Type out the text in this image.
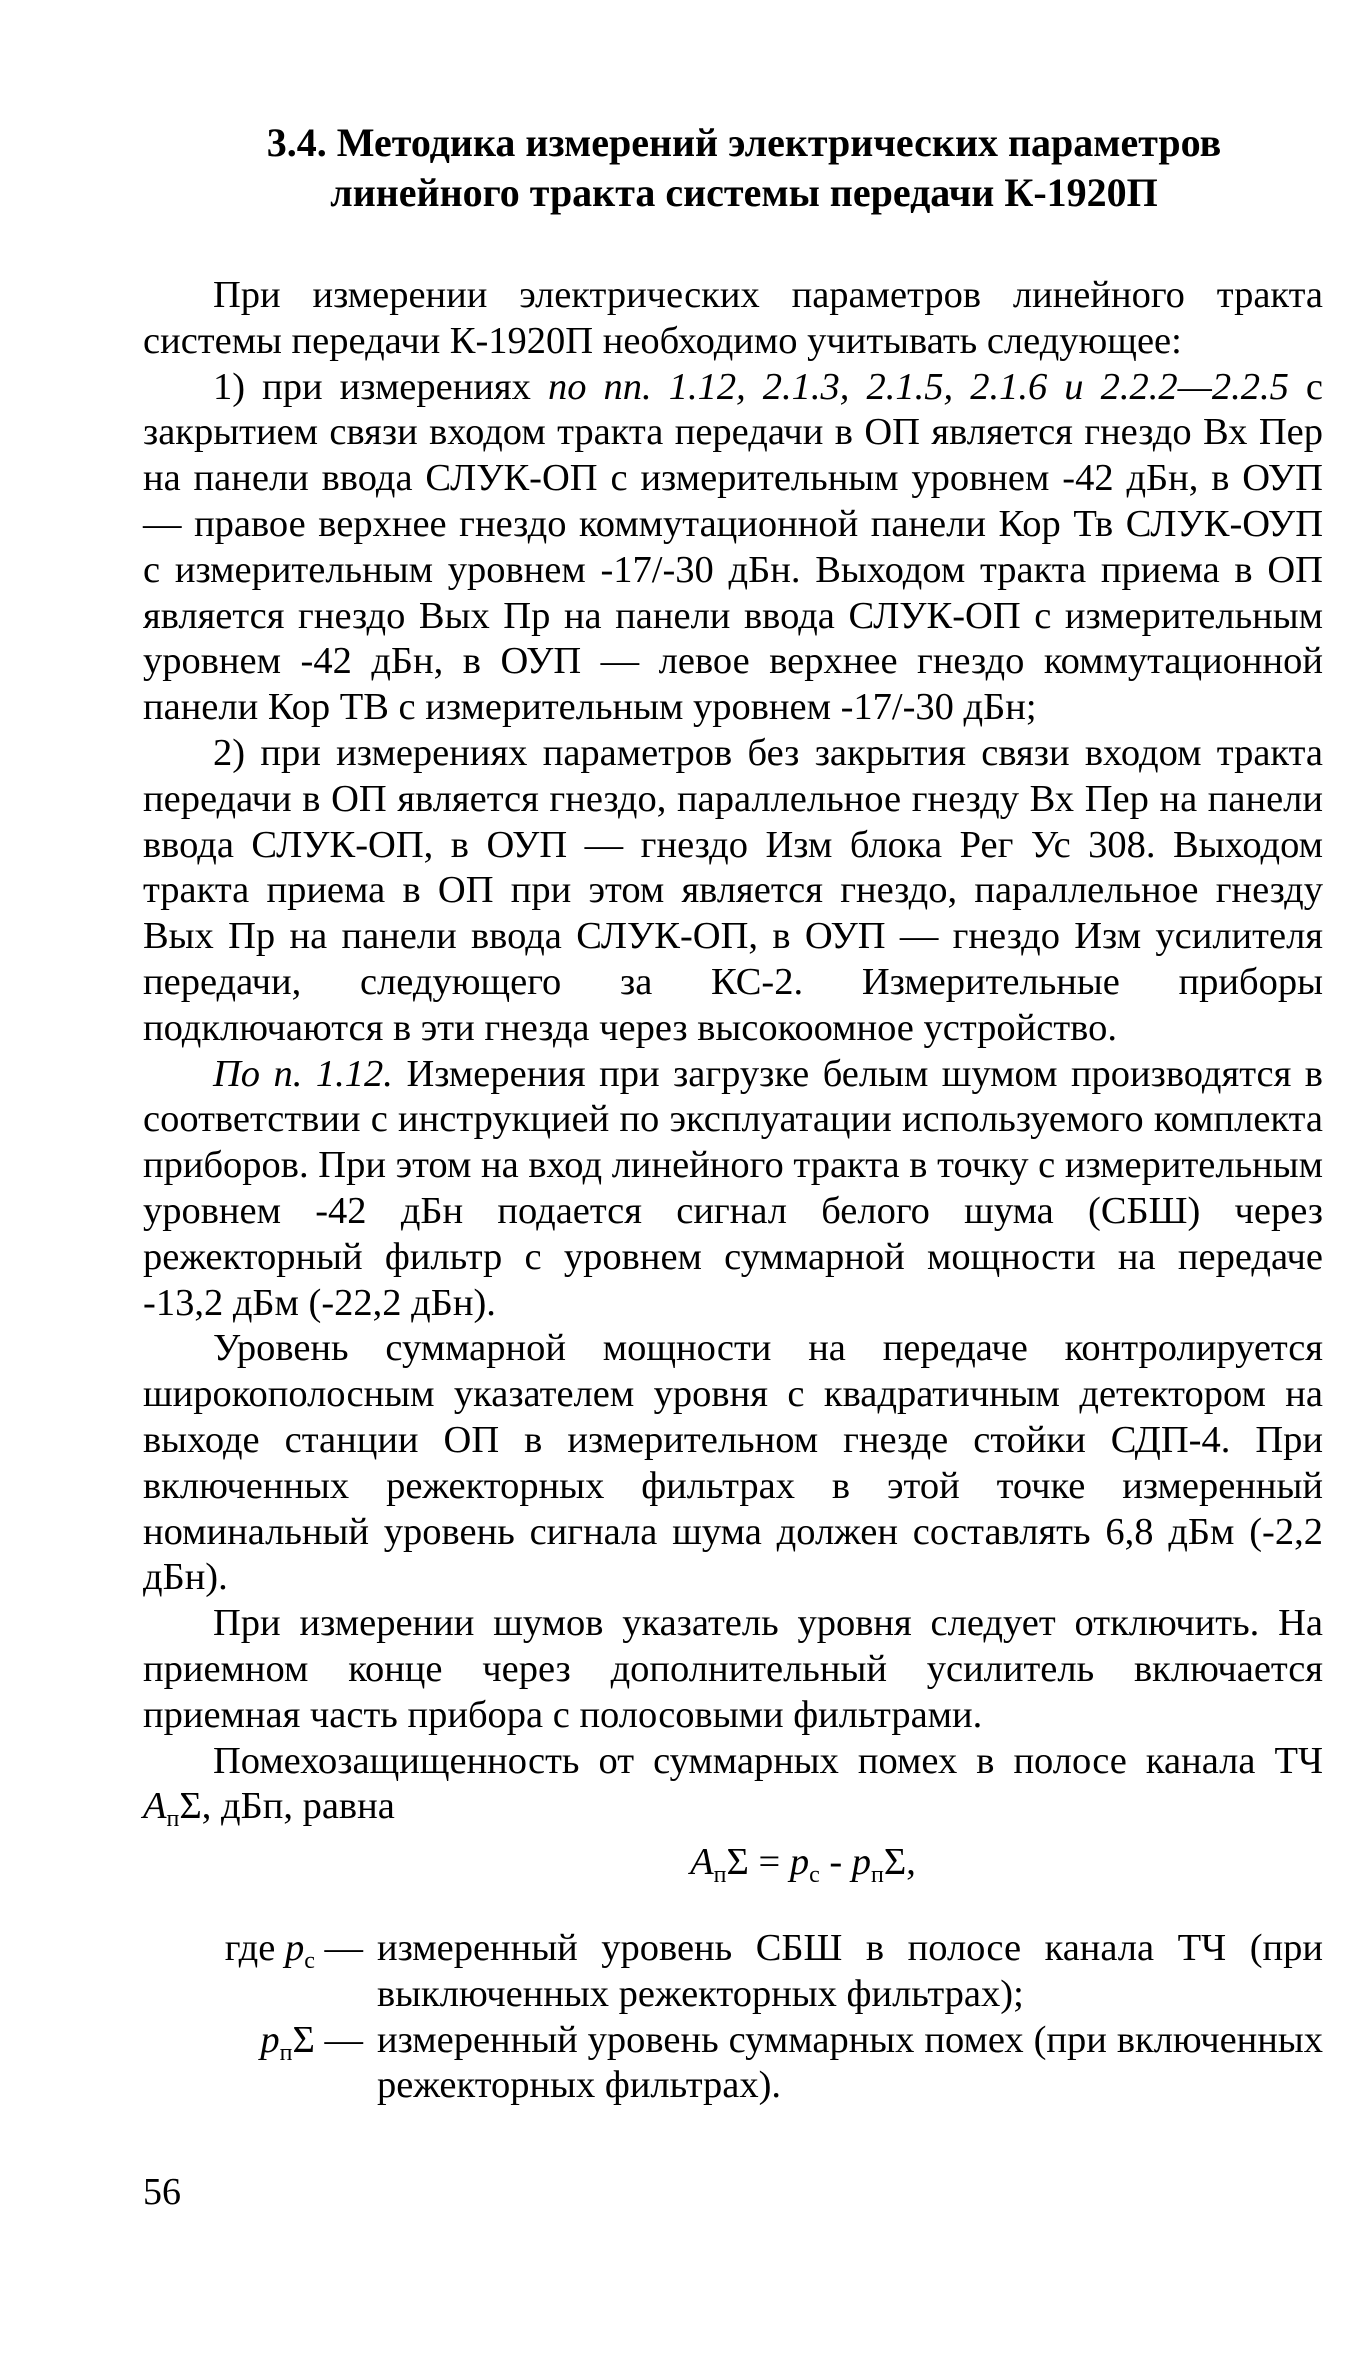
3.4. Методика измерений электрических параметров
линейного тракта системы передачи К-1920П

При измерении электрических параметров линейного тракта системы передачи К-1920П необходимо учитывать следующее:

1) при измерениях по пп. 1.12, 2.1.3, 2.1.5, 2.1.6 и 2.2.2—2.2.5 с закрытием связи входом тракта передачи в ОП является гнездо Вх Пер на панели ввода СЛУК-ОП с измерительным уровнем -42 дБн, в ОУП — правое верхнее гнездо коммутационной панели Кор Тв СЛУК-ОУП с измерительным уровнем -17/-30 дБн. Выходом тракта приема в ОП является гнездо Вых Пр на панели ввода СЛУК-ОП с измерительным уровнем -42 дБн, в ОУП — левое верхнее гнездо коммутационной панели Кор ТВ с измерительным уровнем -17/-30 дБн;

2) при измерениях параметров без закрытия связи входом тракта передачи в ОП является гнездо, параллельное гнезду Вх Пер на панели ввода СЛУК-ОП, в ОУП — гнездо Изм блока Рег Ус 308. Выходом тракта приема в ОП при этом является гнездо, параллельное гнезду Вых Пр на панели ввода СЛУК-ОП, в ОУП — гнездо Изм усилителя передачи, следующего за КС-2. Измерительные приборы подключаются в эти гнезда через высокоомное устройство.

По п. 1.12. Измерения при загрузке белым шумом производятся в соответствии с инструкцией по эксплуатации используемого комплекта приборов. При этом на вход линейного тракта в точку с измерительным уровнем -42 дБн подается сигнал белого шума (СБШ) через режекторный фильтр с уровнем суммарной мощности на передаче -13,2 дБм (-22,2 дБн).

Уровень суммарной мощности на передаче контролируется широкополосным указателем уровня с квадратичным детектором на выходе станции ОП в измерительном гнезде стойки СДП-4. При включенных режекторных фильтрах в этой точке измеренный номинальный уровень сигнала шума должен составлять 6,8 дБм (-2,2 дБн).

При измерении шумов указатель уровня следует отключить. На приемном конце через дополнительный усилитель включается приемная часть прибора с полосовыми фильтрами.

Помехозащищенность от суммарных помех в полосе канала ТЧ $A_п\Sigma$, дБп, равна

$A_п\Sigma = p_с - p_п\Sigma$,
где $p_с$ —	измеренный уровень СБШ в полосе канала ТЧ (при выключенных режекторных фильтрах);
$p_п\Sigma$ —	измеренный уровень суммарных помех (при включенных режекторных фильтрах).
56
